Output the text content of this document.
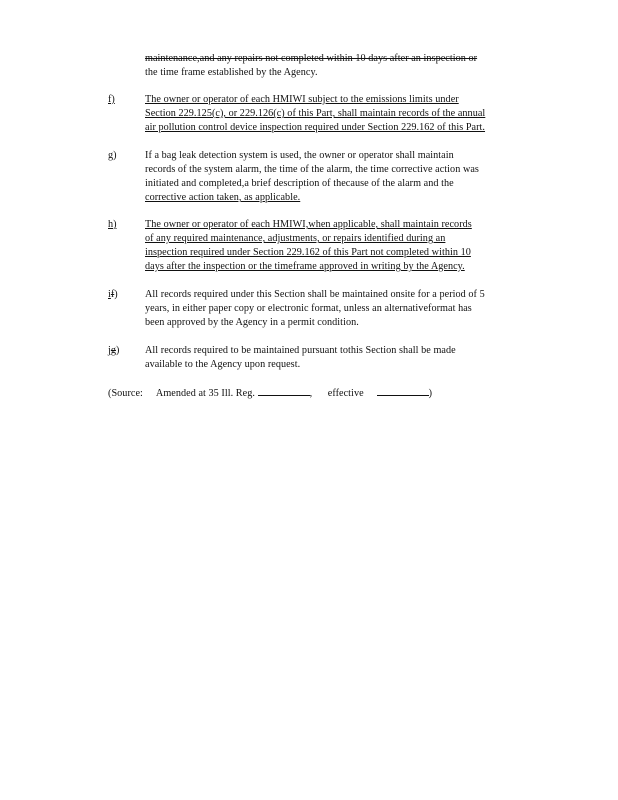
maintenance,and any repairs not completed within 10 days after an inspection or
the time frame established by the Agency.
f)	The owner or operator of each HMIWI subject to the emissions limits under
Section 229.125(c), or 229.126(c) of this Part, shall maintain records of the annual
air pollution control device inspection required under Section 229.162 of this Part.
g)	If a bag leak detection system is used, the owner or operator shall maintain
records of the system alarm, the time of the alarm, the time corrective action was
initiated and completed,a brief description of thecause of the alarm and the
corrective action taken, as applicable.
h)	The owner or operator of each HMIWI,when applicable, shall maintain records
of any required maintenance, adjustments, or repairs identified during an
inspection required under Section 229.162 of this Part not completed within 10
days after the inspection or the timeframe approved in writing by the Agency.
if)	All records required under this Section shall be maintained onsite for a period of 5
years, in either paper copy or electronic format, unless an alternativeformat has
been approved by the Agency in a permit condition.
jg)	All records required to be maintained pursuant tothis Section shall be made
available to the Agency upon request.
(Source: Amended at 35 Ill. Reg.	, effective	)
